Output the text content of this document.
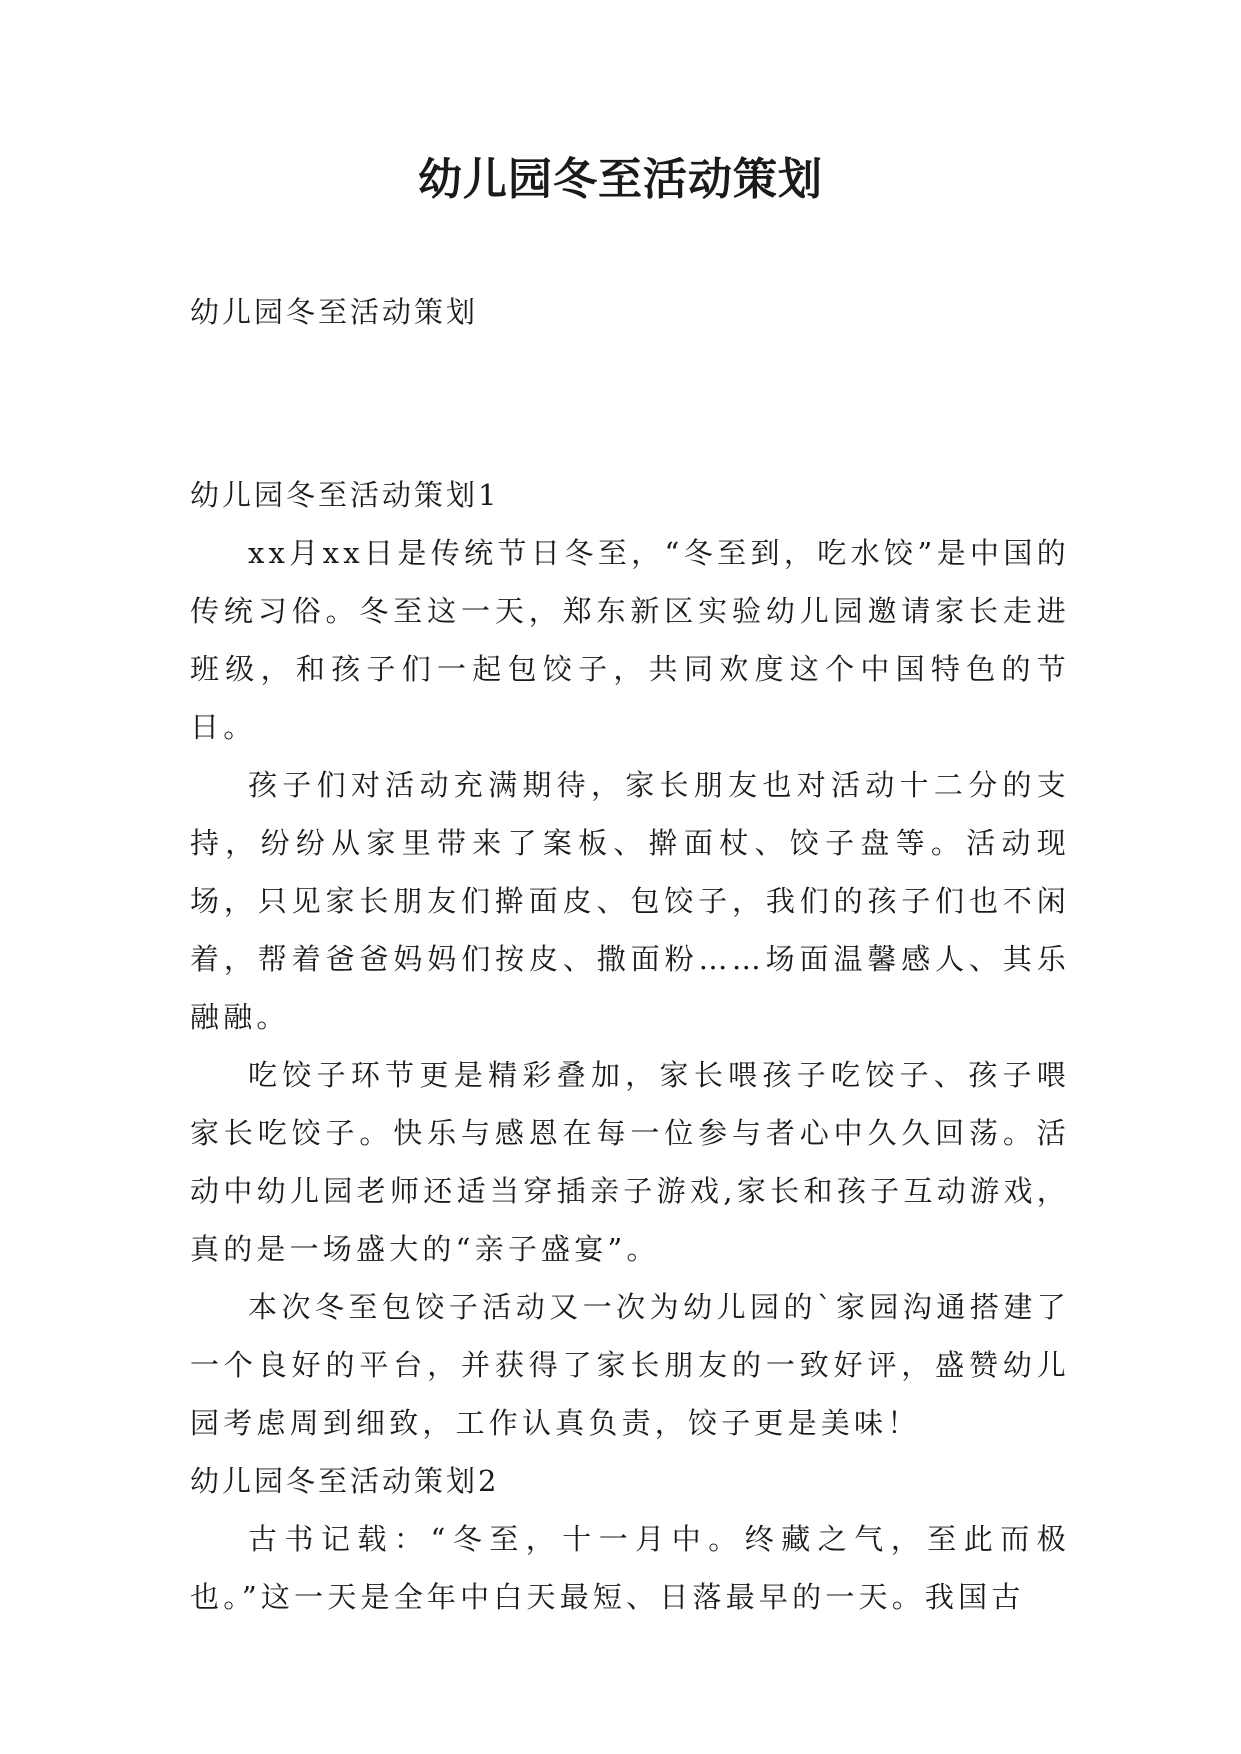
幼儿园冬至活动策划
幼儿园冬至活动策划

幼儿园冬至活动策划1

xx月xx日是传统节日冬至，“冬至到，吃水饺”是中国的传统习俗。冬至这一天，郑东新区实验幼儿园邀请家长走进班级，和孩子们一起包饺子，共同欢度这个中国特色的节日。

孩子们对活动充满期待，家长朋友也对活动十二分的支持，纷纷从家里带来了案板、擀面杖、饺子盘等。活动现场，只见家长朋友们擀面皮、包饺子，我们的孩子们也不闲着，帮着爸爸妈妈们按皮、撒面粉……场面温馨感人、其乐融融。

吃饺子环节更是精彩叠加，家长喂孩子吃饺子、孩子喂家长吃饺子。快乐与感恩在每一位参与者心中久久回荡。活动中幼儿园老师还适当穿插亲子游戏,家长和孩子互动游戏，真的是一场盛大的“亲子盛宴”。

本次冬至包饺子活动又一次为幼儿园的`家园沟通搭建了一个良好的平台，并获得了家长朋友的一致好评，盛赞幼儿园考虑周到细致，工作认真负责，饺子更是美味！

幼儿园冬至活动策划2

古书记载：“冬至，十一月中。终藏之气，至此而极也。”这一天是全年中白天最短、日落最早的一天。我国古
